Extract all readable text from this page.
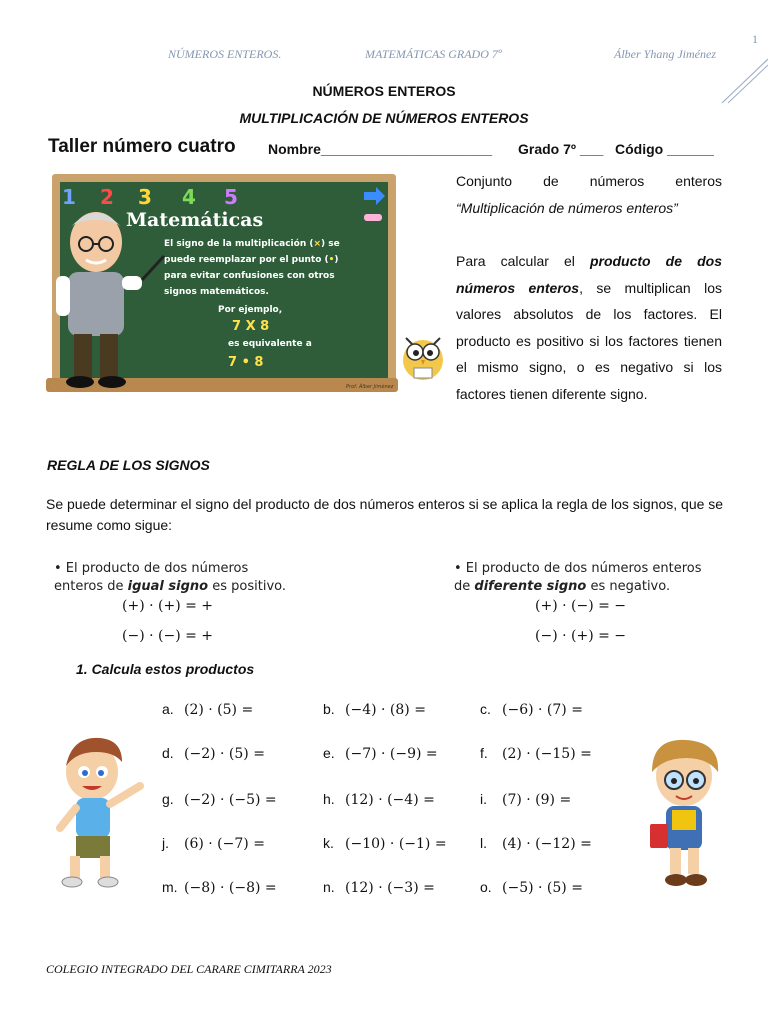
NÚMEROS ENTEROS.	MATEMÁTICAS GRADO 7º	Álber Yhang Jiménez
1
NÚMEROS ENTEROS
MULTIPLICACIÓN DE NÚMEROS ENTEROS
Taller número cuatro Nombre______________________ Grado 7º ___ Código ______
1 2 3 4 5
Matemáticas
El signo de la multiplicación (×) se
puede reemplazar por el punto (•)
para evitar confusiones con otros
signos matemáticos.
Por ejemplo,
es equivalente a
7 X 8
7 • 8
Prof. Álber Jiménez
Conjunto de números enteros
“Multiplicación de números enteros”
Para calcular el producto de dos números enteros, se multiplican los valores absolutos de los factores. El producto es positivo si los factores tienen el mismo signo, o es negativo si los factores tienen diferente signo.
REGLA DE LOS SIGNOS
Se puede determinar el signo del producto de dos números enteros si se aplica la regla de los signos, que se resume como sigue:
• El producto de dos números
enteros de igual signo es positivo.
(+) · (+) = +
(−) · (−) = +
• El producto de dos números enteros
de diferente signo es negativo.
(+) · (−) = −
(−) · (+) = −
1. Calcula estos productos
a. (2) · (5) =	b. (−4) · (8) =	c. (−6) · (7) =
d. (−2) · (5) =	e. (−7) · (−9) =	f. (2) · (−15) =
g. (−2) · (−5) =	h. (12) · (−4) =	i. (7) · (9) =
j. (6) · (−7) =	k. (−10) · (−1) = l. (4) · (−12) =
m. (−8) · (−8) =	n. (12) · (−3) =	o. (−5) · (5) =
COLEGIO INTEGRADO DEL CARARE CIMITARRA 2023
